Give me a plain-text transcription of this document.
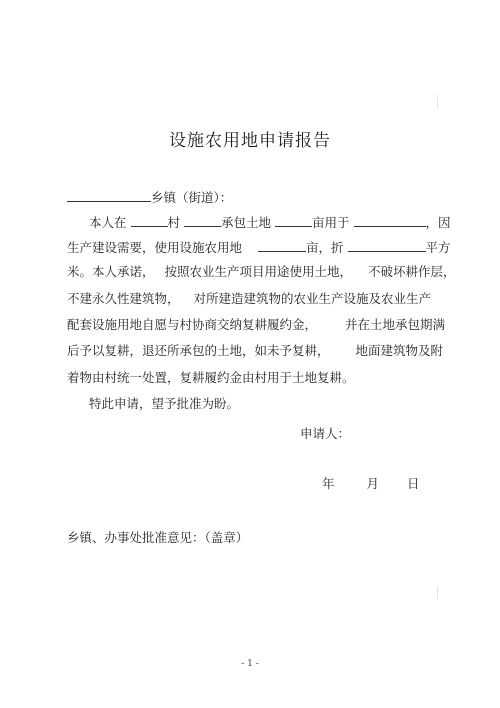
设施农用地申请报告
乡镇（街道）：
本人在	村	承包土地	亩用于	，因
生产建设需要，使用设施农用地	亩，折	平方
米。本人承诺， 按照农业生产项目用途使用土地， 不破坏耕作层，
不建永久性建筑物， 对所建造建筑物的农业生产设施及农业生产
配套设施用地自愿与村协商交纳复耕履约金， 并在土地承包期满
后予以复耕，退还所承包的土地，如未予复耕， 地面建筑物及附
着物由村统一处置，复耕履约金由村用于土地复耕。
特此申请，望予批准为盼。
申请人：
年	月 日
乡镇、办事处批准意见：（盖章）
- 1 -
